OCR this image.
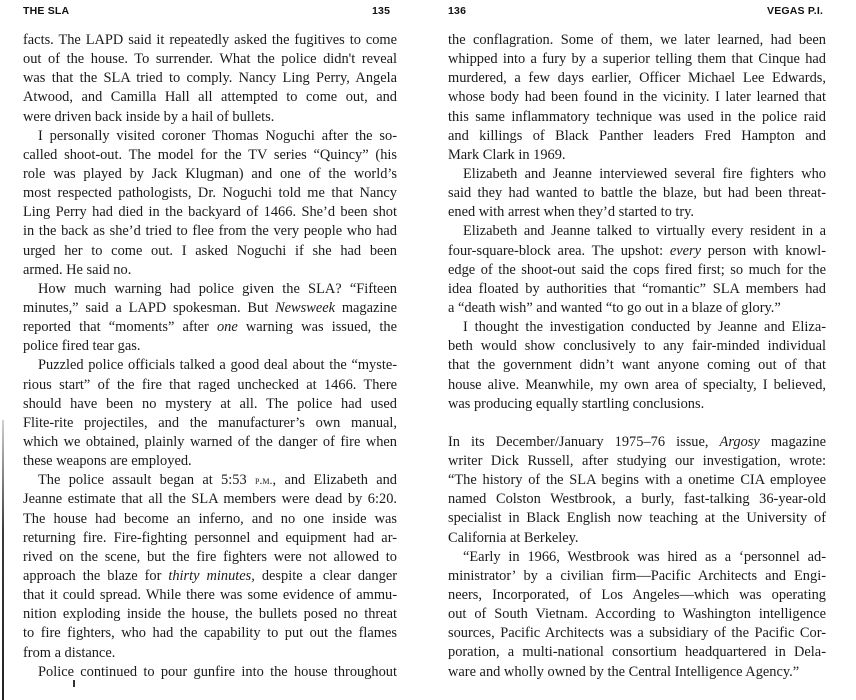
THE SLA	135
facts. The LAPD said it repeatedly asked the fugitives to come
out of the house. To surrender. What the police didn't reveal
was that the SLA tried to comply. Nancy Ling Perry, Angela
Atwood, and Camilla Hall all attempted to come out, and
were driven back inside by a hail of bullets.
I personally visited coroner Thomas Noguchi after the so-
called shoot-out. The model for the TV series “Quincy” (his
role was played by Jack Klugman) and one of the world’s
most respected pathologists, Dr. Noguchi told me that Nancy
Ling Perry had died in the backyard of 1466. She’d been shot
in the back as she’d tried to flee from the very people who had
urged her to come out. I asked Noguchi if she had been
armed. He said no.
How much warning had police given the SLA? “Fifteen
minutes,” said a LAPD spokesman. But Newsweek magazine
reported that “moments” after one warning was issued, the
police fired tear gas.
Puzzled police officials talked a good deal about the “myste-
rious start” of the fire that raged unchecked at 1466. There
should have been no mystery at all. The police had used
Flite-rite projectiles, and the manufacturer’s own manual,
which we obtained, plainly warned of the danger of fire when
these weapons are employed.
The police assault began at 5:53 p.m., and Elizabeth and
Jeanne estimate that all the SLA members were dead by 6:20.
The house had become an inferno, and no one inside was
returning fire. Fire-fighting personnel and equipment had ar-
rived on the scene, but the fire fighters were not allowed to
approach the blaze for thirty minutes, despite a clear danger
that it could spread. While there was some evidence of ammu-
nition exploding inside the house, the bullets posed no threat
to fire fighters, who had the capability to put out the flames
from a distance.
Police continued to pour gunfire into the house throughout
136	VEGAS P.I.
the conflagration. Some of them, we later learned, had been
whipped into a fury by a superior telling them that Cinque had
murdered, a few days earlier, Officer Michael Lee Edwards,
whose body had been found in the vicinity. I later learned that
this same inflammatory technique was used in the police raid
and killings of Black Panther leaders Fred Hampton and
Mark Clark in 1969.
Elizabeth and Jeanne interviewed several fire fighters who
said they had wanted to battle the blaze, but had been threat-
ened with arrest when they’d started to try.
Elizabeth and Jeanne talked to virtually every resident in a
four-square-block area. The upshot: every person with knowl-
edge of the shoot-out said the cops fired first; so much for the
idea floated by authorities that “romantic” SLA members had
a “death wish” and wanted “to go out in a blaze of glory.”
I thought the investigation conducted by Jeanne and Eliza-
beth would show conclusively to any fair-minded individual
that the government didn’t want anyone coming out of that
house alive. Meanwhile, my own area of specialty, I believed,
was producing equally startling conclusions.
In its December/January 1975–76 issue, Argosy magazine
writer Dick Russell, after studying our investigation, wrote:
“The history of the SLA begins with a onetime CIA employee
named Colston Westbrook, a burly, fast-talking 36-year-old
specialist in Black English now teaching at the University of
California at Berkeley.
“Early in 1966, Westbrook was hired as a ‘personnel ad-
ministrator’ by a civilian firm—Pacific Architects and Engi-
neers, Incorporated, of Los Angeles—which was operating
out of South Vietnam. According to Washington intelligence
sources, Pacific Architects was a subsidiary of the Pacific Cor-
poration, a multi-national consortium headquartered in Dela-
ware and wholly owned by the Central Intelligence Agency.”
